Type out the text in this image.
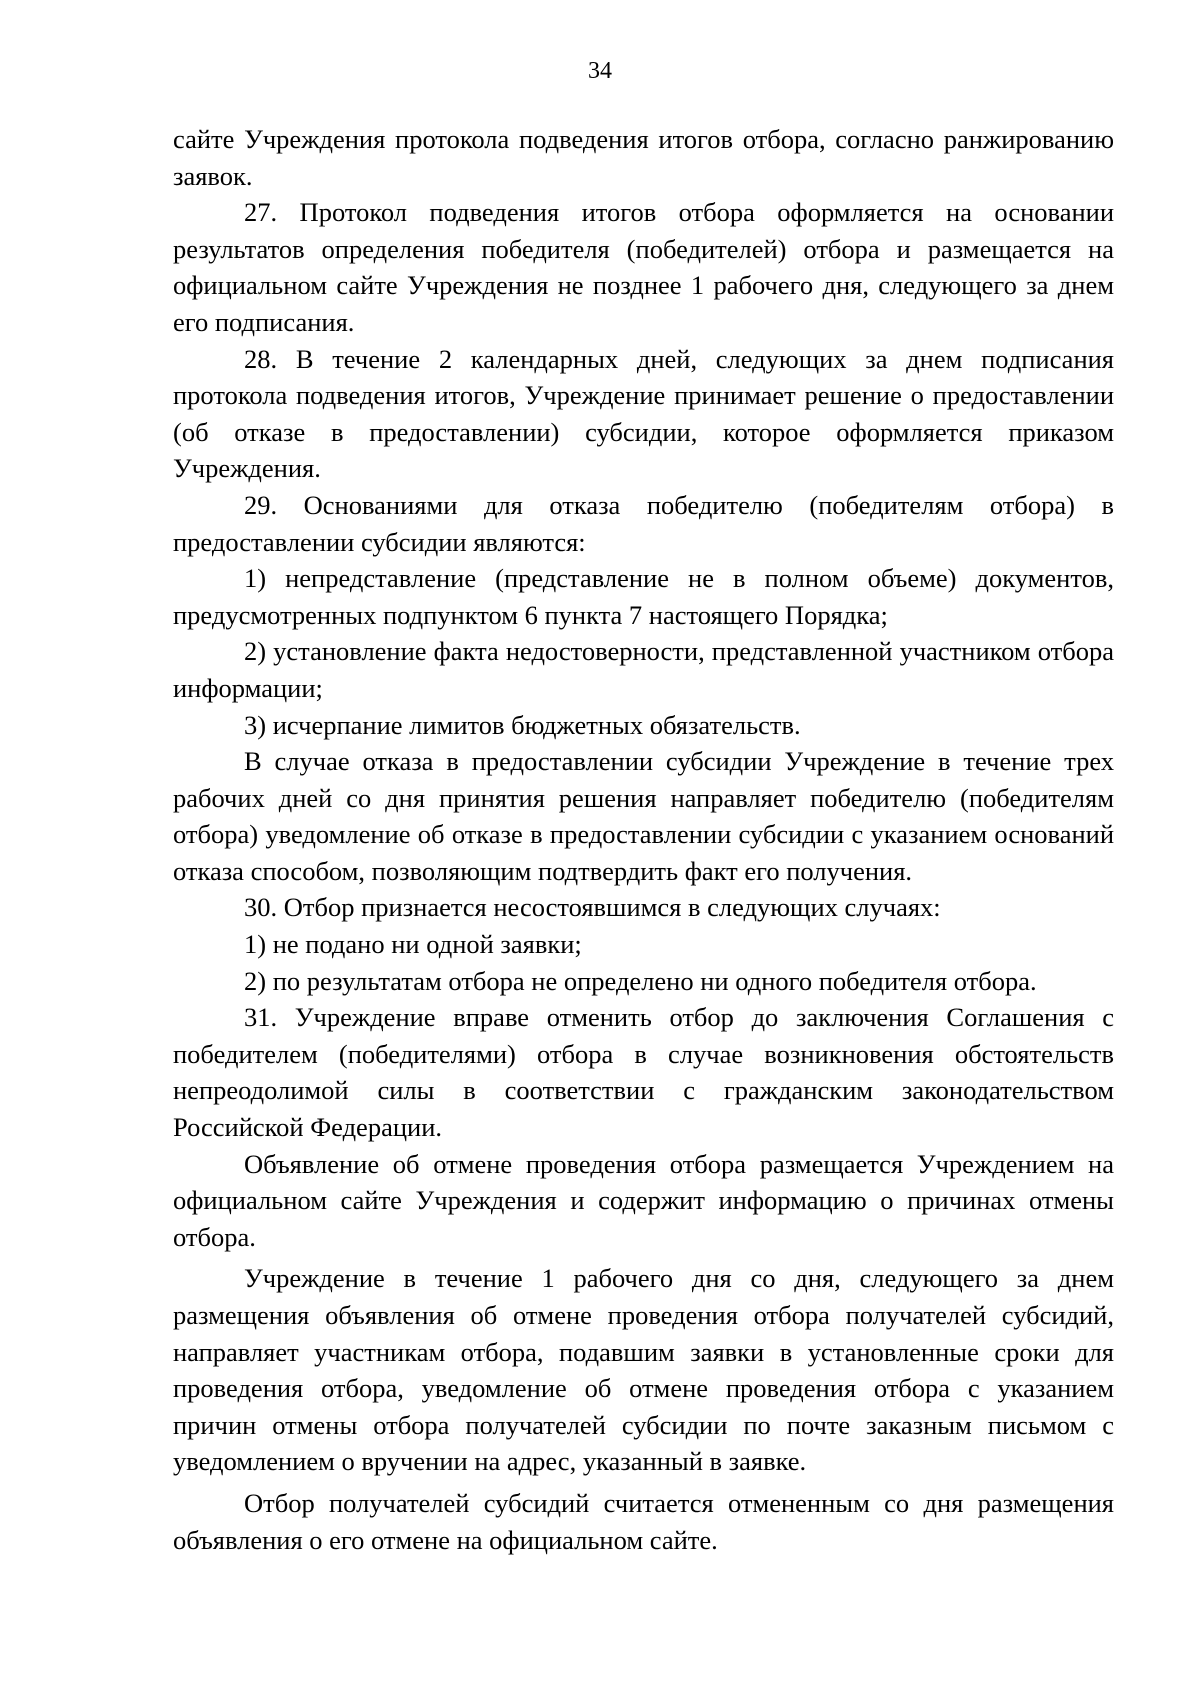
34

сайте Учреждения протокола подведения итогов отбора, согласно ранжированию заявок.

27. Протокол подведения итогов отбора оформляется на основании результатов определения победителя (победителей) отбора и размещается на официальном сайте Учреждения не позднее 1 рабочего дня, следующего за днем его подписания.

28. В течение 2 календарных дней, следующих за днем подписания протокола подведения итогов, Учреждение принимает решение о предоставлении (об отказе в предоставлении) субсидии, которое оформляется приказом Учреждения.

29. Основаниями для отказа победителю (победителям отбора) в предоставлении субсидии являются:

1) непредставление (представление не в полном объеме) документов, предусмотренных подпунктом 6 пункта 7 настоящего Порядка;

2) установление факта недостоверности, представленной участником отбора информации;

3) исчерпание лимитов бюджетных обязательств.

В случае отказа в предоставлении субсидии Учреждение в течение трех рабочих дней со дня принятия решения направляет победителю (победителям отбора) уведомление об отказе в предоставлении субсидии с указанием оснований отказа способом, позволяющим подтвердить факт его получения.

30. Отбор признается несостоявшимся в следующих случаях:

1) не подано ни одной заявки;

2) по результатам отбора не определено ни одного победителя отбора.

31. Учреждение вправе отменить отбор до заключения Соглашения с победителем (победителями) отбора в случае возникновения обстоятельств непреодолимой силы в соответствии с гражданским законодательством Российской Федерации.

Объявление об отмене проведения отбора размещается Учреждением на официальном сайте Учреждения и содержит информацию о причинах отмены отбора.

Учреждение в течение 1 рабочего дня со дня, следующего за днем размещения объявления об отмене проведения отбора получателей субсидий, направляет участникам отбора, подавшим заявки в установленные сроки для проведения отбора, уведомление об отмене проведения отбора с указанием причин отмены отбора получателей субсидии по почте заказным письмом с уведомлением о вручении на адрес, указанный в заявке.

Отбор получателей субсидий считается отмененным со дня размещения объявления о его отмене на официальном сайте.
